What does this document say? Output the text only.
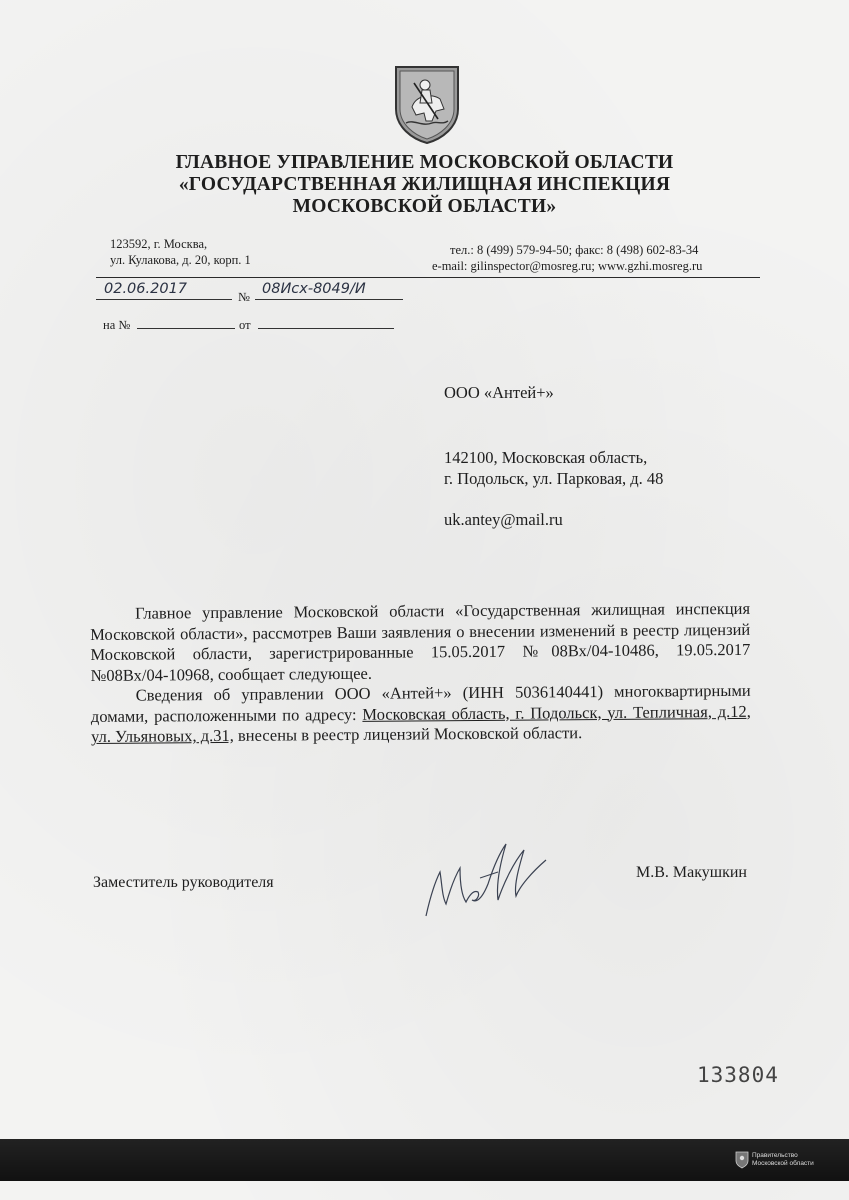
ГЛАВНОЕ УПРАВЛЕНИЕ МОСКОВСКОЙ ОБЛАСТИ
«ГОСУДАРСТВЕННАЯ ЖИЛИЩНАЯ ИНСПЕКЦИЯ
МОСКОВСКОЙ ОБЛАСТИ»
123592, г. Москва,
ул. Кулакова, д. 20, корп. 1
тел.: 8 (499) 579-94-50; факс: 8 (498) 602-83-34
e-mail: gilinspector@mosreg.ru; www.gzhi.mosreg.ru
02.06.2017	№ 08Исх-8049/И
на №	от
ООО «Антей+»
142100, Московская область,
г. Подольск, ул. Парковая, д. 48
uk.antey@mail.ru

Главное управление Московской области «Государственная жилищная инспекция Московской области», рассмотрев Ваши заявления о внесении изменений в реестр лицензий Московской области, зарегистрированные 15.05.2017 №08Вх/04-10486, 19.05.2017 №08Вх/04-10968, сообщает следующее.

Сведения об управлении ООО «Антей+» (ИНН 5036140441) многоквартирными домами, расположенными по адресу: Московская область, г. Подольск, ул. Тепличная, д.12, ул. Ульяновых, д.31, внесены в реестр лицензий Московской области.

Заместитель руководителя
М.В. Макушкин
133804
Правительство
Московской области
